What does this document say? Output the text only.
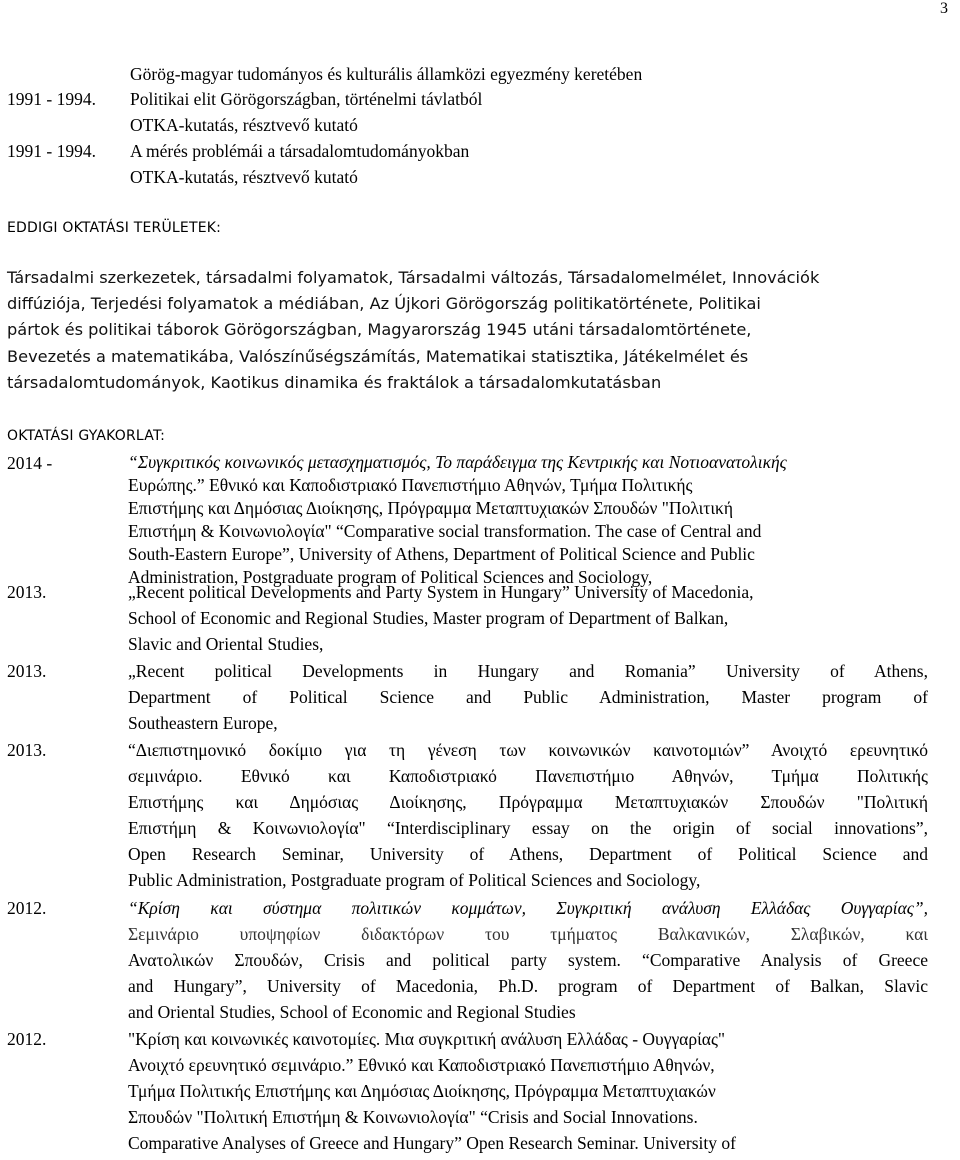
3
Görög-magyar tudományos és kulturális államközi egyezmény keretében
1991 - 1994. Politikai elit Görögországban, történelmi távlatból
OTKA-kutatás, résztvevő kutató
1991 - 1994. A mérés problémái a társadalomtudományokban
OTKA-kutatás, résztvevő kutató
EDDIGI OKTATÁSI TERÜLETEK:
Társadalmi szerkezetek, társadalmi folyamatok, Társadalmi változás, Társadalomelmélet, Innovációk
diffúziója, Terjedési folyamatok a médiában, Az Újkori Görögország politikatörténete, Politikai
pártok és politikai táborok Görögországban, Magyarország 1945 utáni társadalomtörténete,
Bevezetés a matematikába, Valószínűségszámítás, Matematikai statisztika, Játékelmélet és
társadalomtudományok, Kaotikus dinamika és fraktálok a társadalomkutatásban
OKTATÁSI GYAKORLAT:
2014 -	“Συγκριτικός κοινωνικός μετασχηματισμός, Το παράδειγμα της Κεντρικής και Νοτιοανατολικής
Ευρώπης.” Εθνικό και Καποδιστριακό Πανεπιστήμιο Αθηνών, Τμήμα Πολιτικής
Επιστήμης και Δημόσιας Διοίκησης, Πρόγραμμα Μεταπτυχιακών Σπουδών "Πολιτική
Επιστήμη & Κοινωνιολογία" “Comparative social transformation. The case of Central and
South-Eastern Europe”, University of Athens, Department of Political Science and Public
Administration, Postgraduate program of Political Sciences and Sociology,
2013.	„Recent political Developments and Party System in Hungary” University of Macedonia,
School of Economic and Regional Studies, Master program of Department of Balkan,
Slavic and Oriental Studies,
2013.	„Recent political Developments in Hungary and Romania” University of Athens,
Department of Political Science and Public Administration, Master program of
Southeastern Europe,
2013.	“Διεπιστημονικό δοκίμιο για τη γένεση των κοινωνικών καινοτομιών” Ανοιχτό ερευνητικό
σεμινάριο. Εθνικό και Καποδιστριακό Πανεπιστήμιο Αθηνών, Τμήμα Πολιτικής
Επιστήμης και Δημόσιας Διοίκησης, Πρόγραμμα Μεταπτυχιακών Σπουδών "Πολιτική
Επιστήμη & Κοινωνιολογία" “Interdisciplinary essay on the origin of social innovations”,
Open Research Seminar, University of Athens, Department of Political Science and
Public Administration, Postgraduate program of Political Sciences and Sociology,
2012.	“Κρίση και σύστημα πολιτικών κομμάτων, Συγκριτική ανάλυση Ελλάδας Ουγγαρίας”,
Σεμινάριο υποψηφίων διδακτόρων του τμήματος Βαλκανικών, Σλαβικών, και
Ανατολικών Σπουδών, Crisis and political party system. “Comparative Analysis of Greece
and Hungary”, University of Macedonia, Ph.D. program of Department of Balkan, Slavic
and Oriental Studies, School of Economic and Regional Studies
2012.	"Κρίση και κοινωνικές καινοτομίες. Μια συγκριτική ανάλυση Ελλάδας - Ουγγαρίας"
Ανοιχτό ερευνητικό σεμινάριο.” Εθνικό και Καποδιστριακό Πανεπιστήμιο Αθηνών,
Τμήμα Πολιτικής Επιστήμης και Δημόσιας Διοίκησης, Πρόγραμμα Μεταπτυχιακών
Σπουδών "Πολιτική Επιστήμη & Κοινωνιολογία" “Crisis and Social Innovations.
Comparative Analyses of Greece and Hungary” Open Research Seminar. University of
